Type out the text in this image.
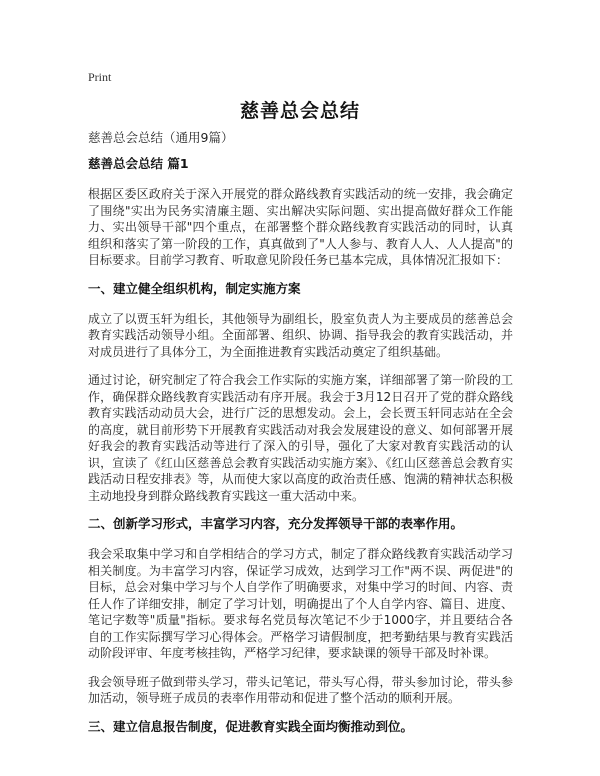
Print
慈善总会总结
慈善总会总结（通用9篇）
慈善总会总结 篇1

根据区委区政府关于深入开展党的群众路线教育实践活动的统一安排，我会确定了围绕"实出为民务实清廉主题、实出解决实际问题、实出提高做好群众工作能力、实出领导干部"四个重点，在部署整个群众路线教育实践活动的同时，认真组织和落实了第一阶段的工作，真真做到了"人人参与、教育人人、人人提高"的目标要求。目前学习教育、听取意见阶段任务已基本完成，具体情况汇报如下：

一、建立健全组织机构，制定实施方案

成立了以贾玉轩为组长，其他领导为副组长，股室负责人为主要成员的慈善总会教育实践活动领导小组。全面部署、组织、协调、指导我会的教育实践活动，并对成员进行了具体分工，为全面推进教育实践活动奠定了组织基础。

通过讨论，研究制定了符合我会工作实际的实施方案，详细部署了第一阶段的工作，确保群众路线教育实践活动有序开展。我会于3月12日召开了党的群众路线教育实践活动动员大会，进行广泛的思想发动。会上，会长贾玉轩同志站在全会的高度，就目前形势下开展教育实践活动对我会发展建设的意义、如何部署开展好我会的教育实践活动等进行了深入的引导，强化了大家对教育实践活动的认识，宣读了《红山区慈善总会教育实践活动实施方案》、《红山区慈善总会教育实践活动日程安排表》等，从而使大家以高度的政治责任感、饱满的精神状态积极主动地投身到群众路线教育实践这一重大活动中来。

二、创新学习形式，丰富学习内容，充分发挥领导干部的表率作用。

我会采取集中学习和自学相结合的学习方式，制定了群众路线教育实践活动学习相关制度。为丰富学习内容，保证学习成效，达到学习工作"两不误、两促进"的目标，总会对集中学习与个人自学作了明确要求，对集中学习的时间、内容、责任人作了详细安排，制定了学习计划，明确提出了个人自学内容、篇目、进度、笔记字数等"质量"指标。要求每名党员每次笔记不少于1000字，并且要结合各自的工作实际撰写学习心得体会。严格学习请假制度，把考勤结果与教育实践活动阶段评审、年度考核挂钩，严格学习纪律，要求缺课的领导干部及时补课。

我会领导班子做到带头学习，带头记笔记，带头写心得，带头参加讨论，带头参加活动，领导班子成员的表率作用带动和促进了整个活动的顺利开展。

三、建立信息报告制度，促进教育实践全面均衡推动到位。
